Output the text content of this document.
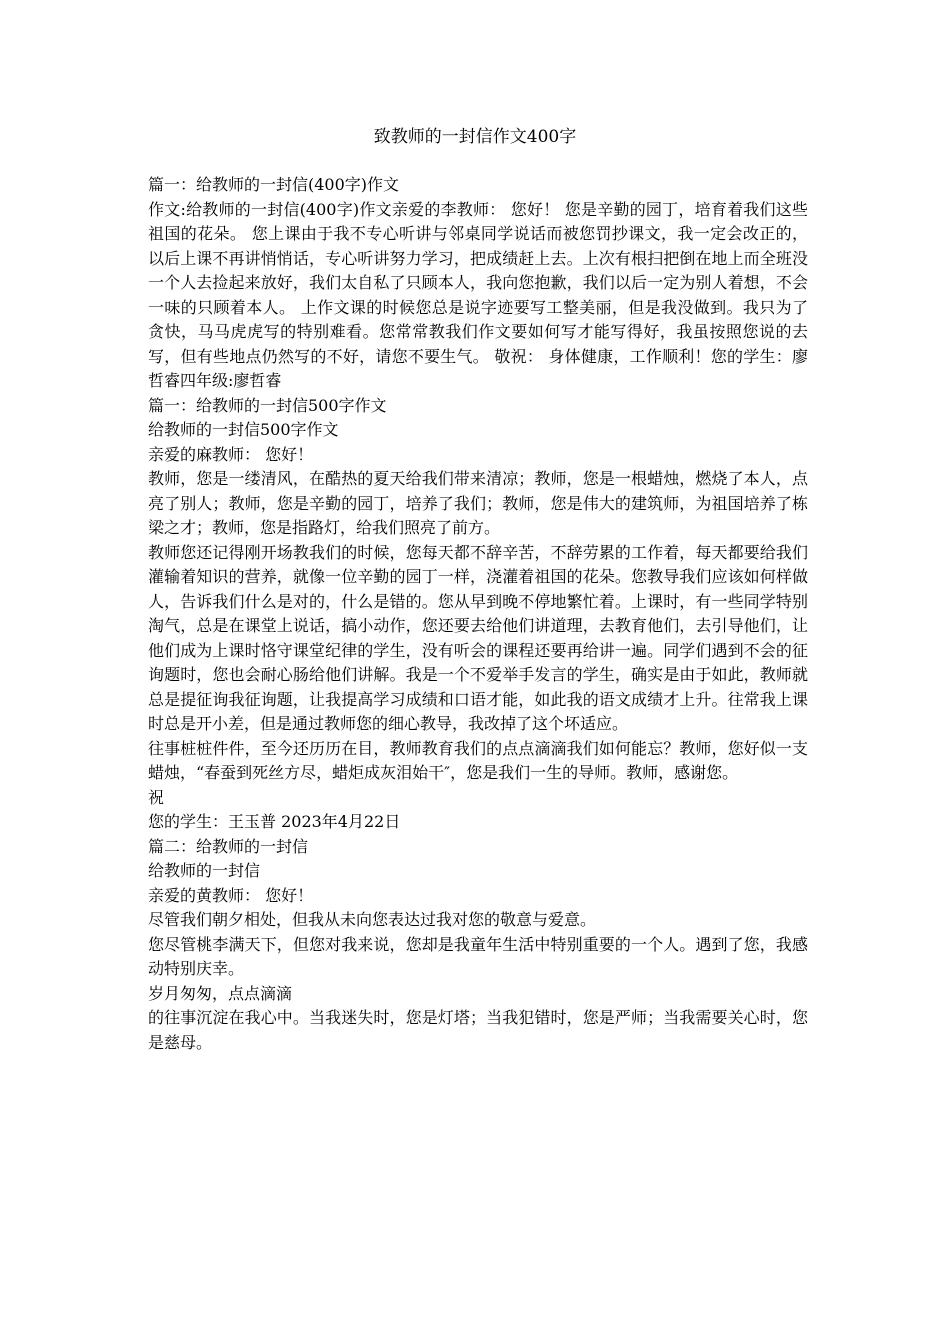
致教师的一封信作文400字

篇一：给教师的一封信(400字)作文

作文:给教师的一封信(400字)作文亲爱的李教师： 您好！ 您是辛勤的园丁，培育着我们这些祖国的花朵。 您上课由于我不专心听讲与邻桌同学说话而被您罚抄课文，我一定会改正的，以后上课不再讲悄悄话，专心听讲努力学习，把成绩赶上去。上次有根扫把倒在地上而全班没一个人去捡起来放好，我们太自私了只顾本人，我向您抱歉，我们以后一定为别人着想，不会一味的只顾着本人。 上作文课的时候您总是说字迹要写工整美丽，但是我没做到。我只为了贪快，马马虎虎写的特别难看。您常常教我们作文要如何写才能写得好，我虽按照您说的去写，但有些地点仍然写的不好，请您不要生气。 敬祝： 身体健康，工作顺利！您的学生：廖哲睿四年级:廖哲睿

篇一：给教师的一封信500字作文

给教师的一封信500字作文

亲爱的麻教师： 您好！

教师，您是一缕清风，在酷热的夏天给我们带来清凉；教师，您是一根蜡烛，燃烧了本人，点亮了别人；教师，您是辛勤的园丁，培养了我们；教师，您是伟大的建筑师，为祖国培养了栋梁之才；教师，您是指路灯，给我们照亮了前方。

教师您还记得刚开场教我们的时候，您每天都不辞辛苦，不辞劳累的工作着，每天都要给我们灌输着知识的营养，就像一位辛勤的园丁一样，浇灌着祖国的花朵。您教导我们应该如何样做人，告诉我们什么是对的，什么是错的。您从早到晚不停地繁忙着。上课时，有一些同学特别淘气，总是在课堂上说话，搞小动作，您还要去给他们讲道理，去教育他们，去引导他们，让他们成为上课时恪守课堂纪律的学生，没有听会的课程还要再给讲一遍。同学们遇到不会的征询题时，您也会耐心肠给他们讲解。我是一个不爱举手发言的学生，确实是由于如此，教师就总是提征询我征询题，让我提高学习成绩和口语才能，如此我的语文成绩才上升。往常我上课时总是开小差，但是通过教师您的细心教导，我改掉了这个坏适应。

往事桩桩件件，至今还历历在目，教师教育我们的点点滴滴我们如何能忘？教师，您好似一支蜡烛，“春蚕到死丝方尽，蜡炬成灰泪始干″，您是我们一生的导师。教师，感谢您。

祝

您的学生：王玉普 2023年4月22日

篇二：给教师的一封信

给教师的一封信

亲爱的黄教师： 您好！

尽管我们朝夕相处，但我从未向您表达过我对您的敬意与爱意。

您尽管桃李满天下，但您对我来说，您却是我童年生活中特别重要的一个人。遇到了您，我感动特别庆幸。

岁月匆匆，点点滴滴

的往事沉淀在我心中。当我迷失时，您是灯塔；当我犯错时，您是严师；当我需要关心时，您是慈母。
